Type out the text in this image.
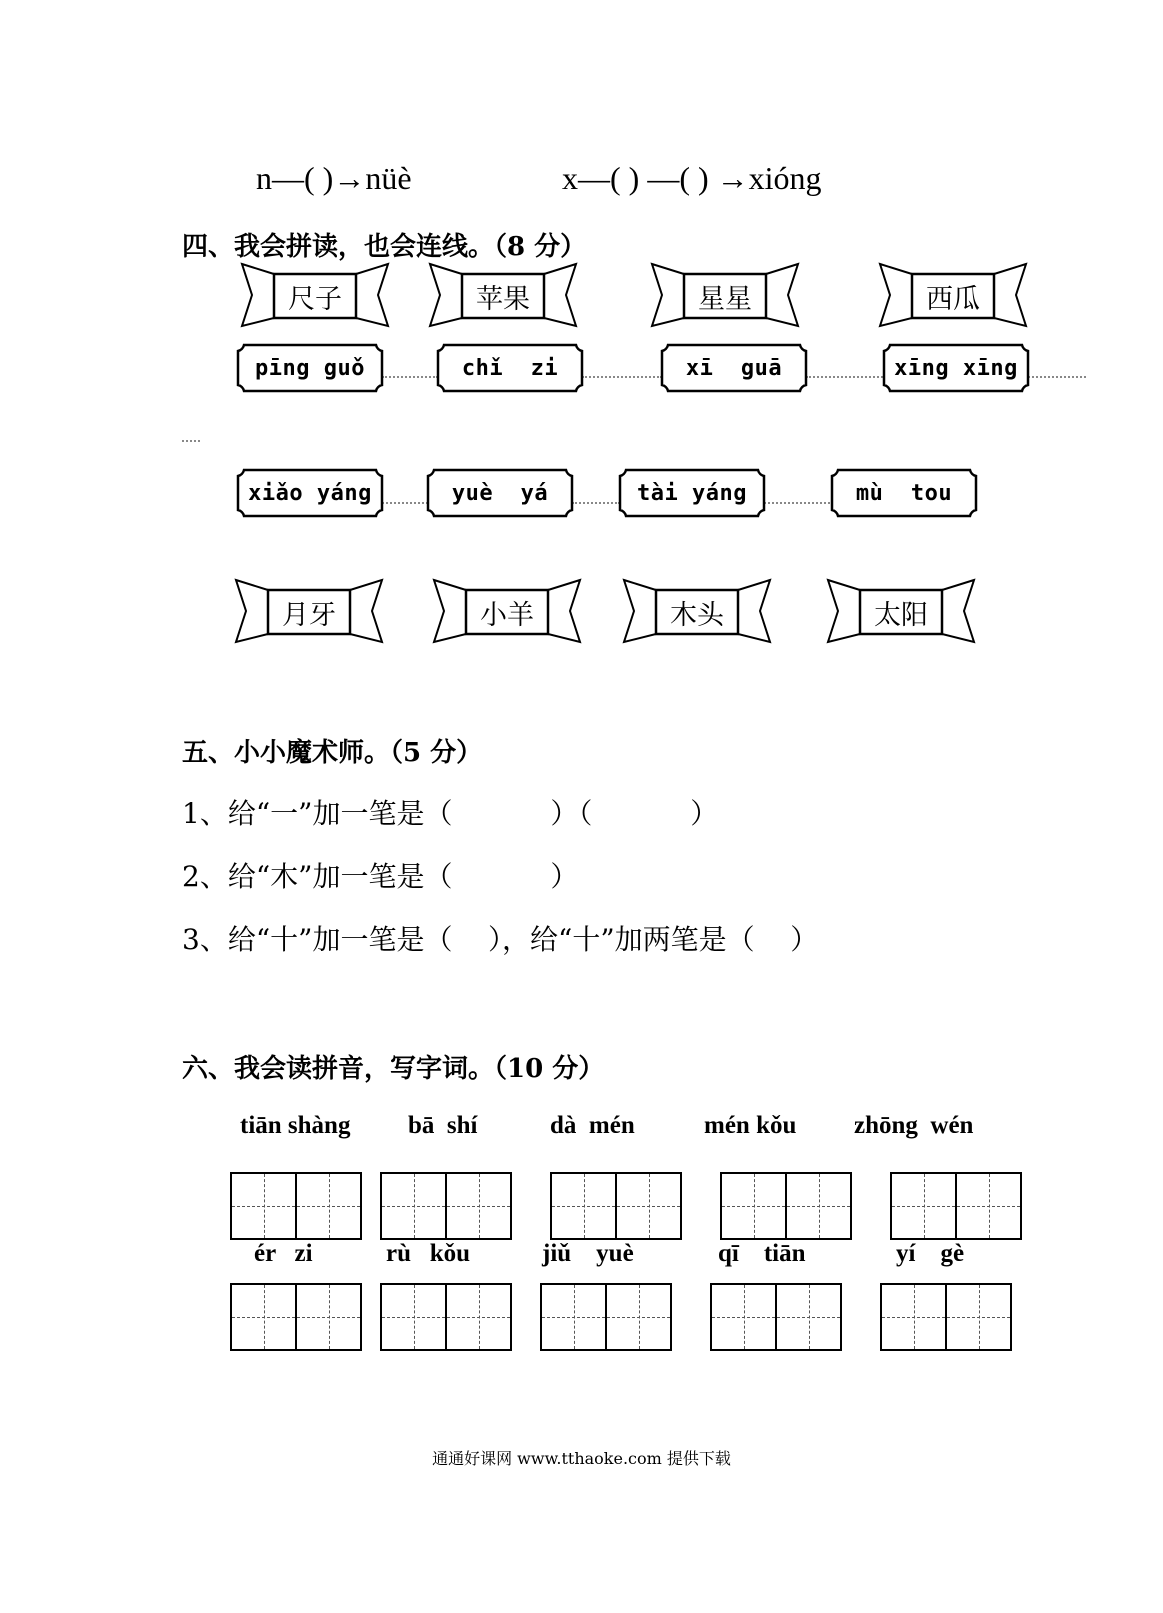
n—( )→nüè	x—( ) —( ) →xióng
四、我会拼读，也会连线。（8 分）
尺子	苹果	星星	西瓜
pīng guǒ	chǐ  zi	xī  guā	xīng xīng
xiǎo yáng	yuè  yá	tài yáng	mù  tou
月牙	小羊	木头	太阳
五、小小魔术师。（5 分）
1、给“一”加一笔是（           ）（           ）
2、给“木”加一笔是（           ）
3、给“十”加一笔是（    ），给“十”加两笔是（    ）
六、我会读拼音，写字词。（10 分）
tiān shàng bā  shí	dà  mén	mén kǒu zhōng  wén
ér   zi	rù   kǒu	jiǔ    yuè	qī    tiān	yí    gè
通通好课网 www.tthaoke.com 提供下载
